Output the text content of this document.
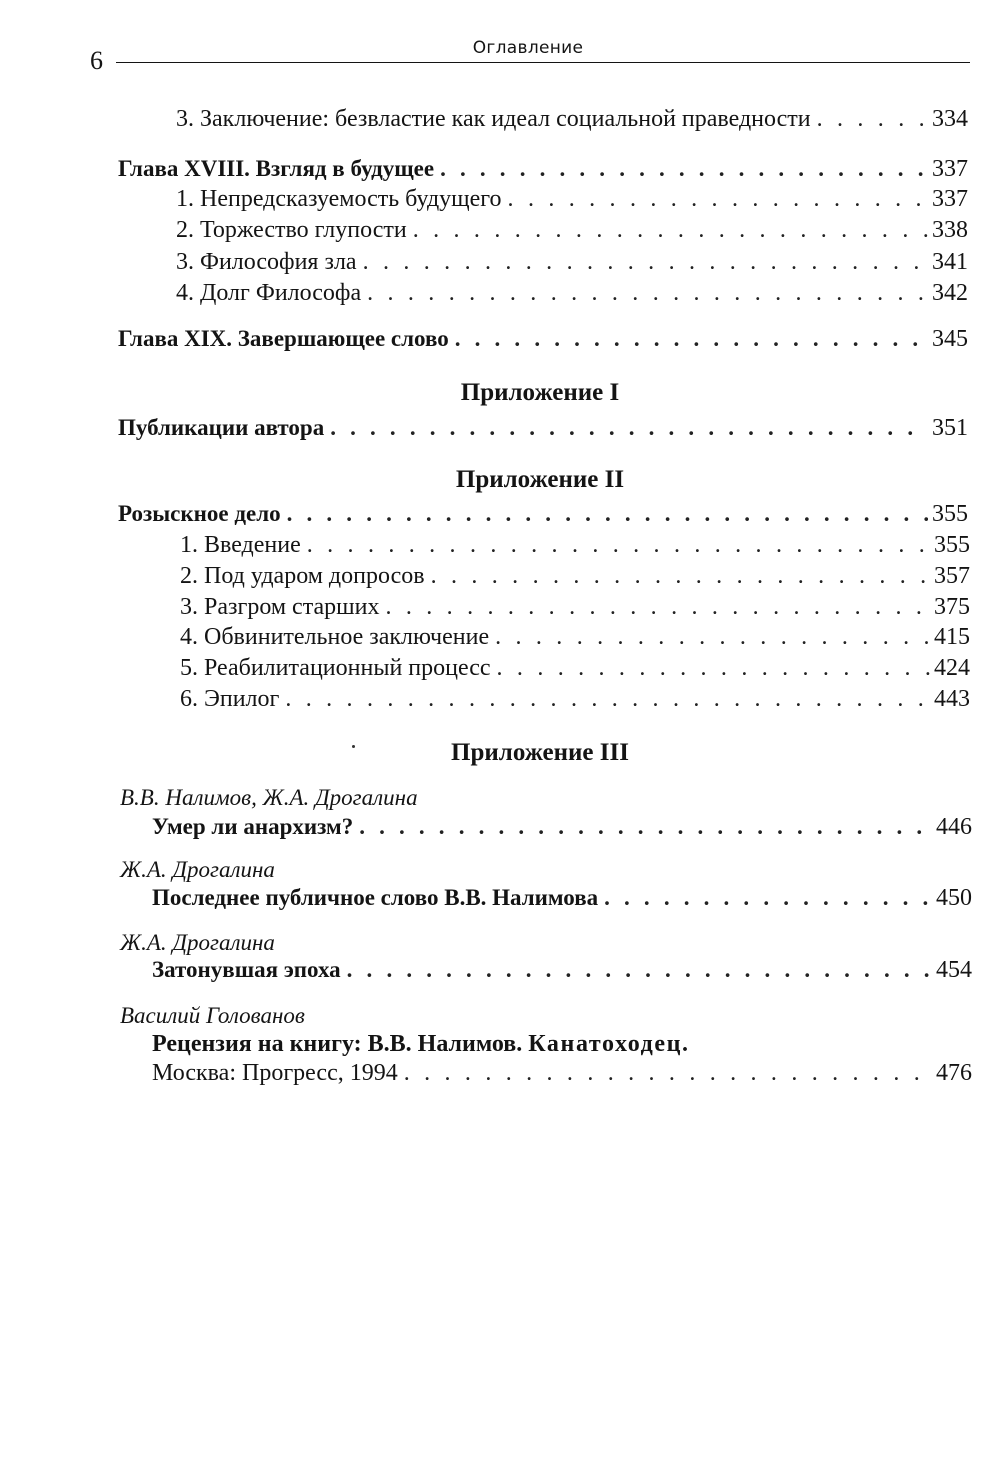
6	Оглавление
3. Заключение: безвластие как идеал социальной праведности . . .	334
Глава XVIII. Взгляд в будущее . . .	337
1. Непредсказуемость будущего . . .	337
2. Торжество глупости . . .	338
3. Философия зла . . .	341
4. Долг Философа . . .	342
Глава XIX. Завершающее слово . . .	345
Приложение I
Публикации автора . . .	351
Приложение II
Розыскное дело . . .	355
1. Введение . . .	355
2. Под ударом допросов . . .	357
3. Разгром старших . . .	375
4. Обвинительное заключение . . .	415
5. Реабилитационный процесс . . .	424
6. Эпилог . . .	443
Приложение III
В.В. Налимов, Ж.А. Дрогалина
Умер ли анархизм? . . .	446
Ж.А. Дрогалина
Последнее публичное слово В.В. Налимова . . .	450
Ж.А. Дрогалина
Затонувшая эпоха . . .	454
Василий Голованов
Рецензия на книгу: В.В. Налимов. Канатоходец.
Москва: Прогресс, 1994 . . .	476
